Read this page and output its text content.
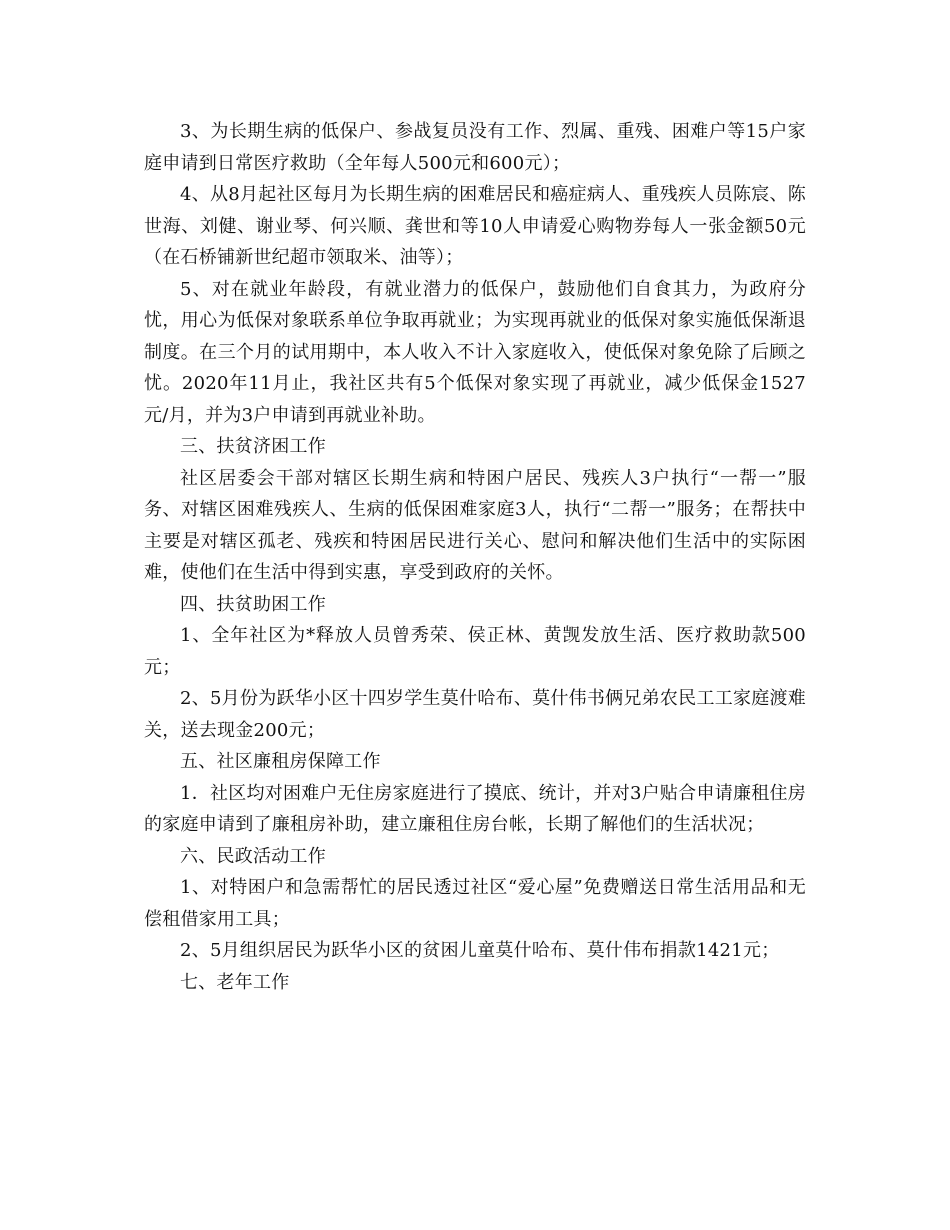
3、为长期生病的低保户、参战复员没有工作、烈属、重残、困难户等15户家庭申请到日常医疗救助（全年每人500元和600元）；

4、从8月起社区每月为长期生病的困难居民和癌症病人、重残疾人员陈宸、陈世海、刘健、谢业琴、何兴顺、龚世和等10人申请爱心购物券每人一张金额50元（在石桥铺新世纪超市领取米、油等）；

5、对在就业年龄段，有就业潜力的低保户，鼓励他们自食其力，为政府分忧，用心为低保对象联系单位争取再就业；为实现再就业的低保对象实施低保渐退制度。在三个月的试用期中，本人收入不计入家庭收入，使低保对象免除了后顾之忧。2020年11月止，我社区共有5个低保对象实现了再就业，减少低保金1527元/月，并为3户申请到再就业补助。

三、扶贫济困工作

社区居委会干部对辖区长期生病和特困户居民、残疾人3户执行“一帮一”服务、对辖区困难残疾人、生病的低保困难家庭3人，执行“二帮一”服务；在帮扶中主要是对辖区孤老、残疾和特困居民进行关心、慰问和解决他们生活中的实际困难，使他们在生活中得到实惠，享受到政府的关怀。

四、扶贫助困工作

1、全年社区为*释放人员曾秀荣、侯正林、黄觊发放生活、医疗救助款500元；

2、5月份为跃华小区十四岁学生莫什哈布、莫什伟书俩兄弟农民工工家庭渡难关，送去现金200元；

五、社区廉租房保障工作

1．社区均对困难户无住房家庭进行了摸底、统计，并对3户贴合申请廉租住房的家庭申请到了廉租房补助，建立廉租住房台帐，长期了解他们的生活状况；

六、民政活动工作

1、对特困户和急需帮忙的居民透过社区“爱心屋”免费赠送日常生活用品和无偿租借家用工具；

2、5月组织居民为跃华小区的贫困儿童莫什哈布、莫什伟布捐款1421元；

七、老年工作
